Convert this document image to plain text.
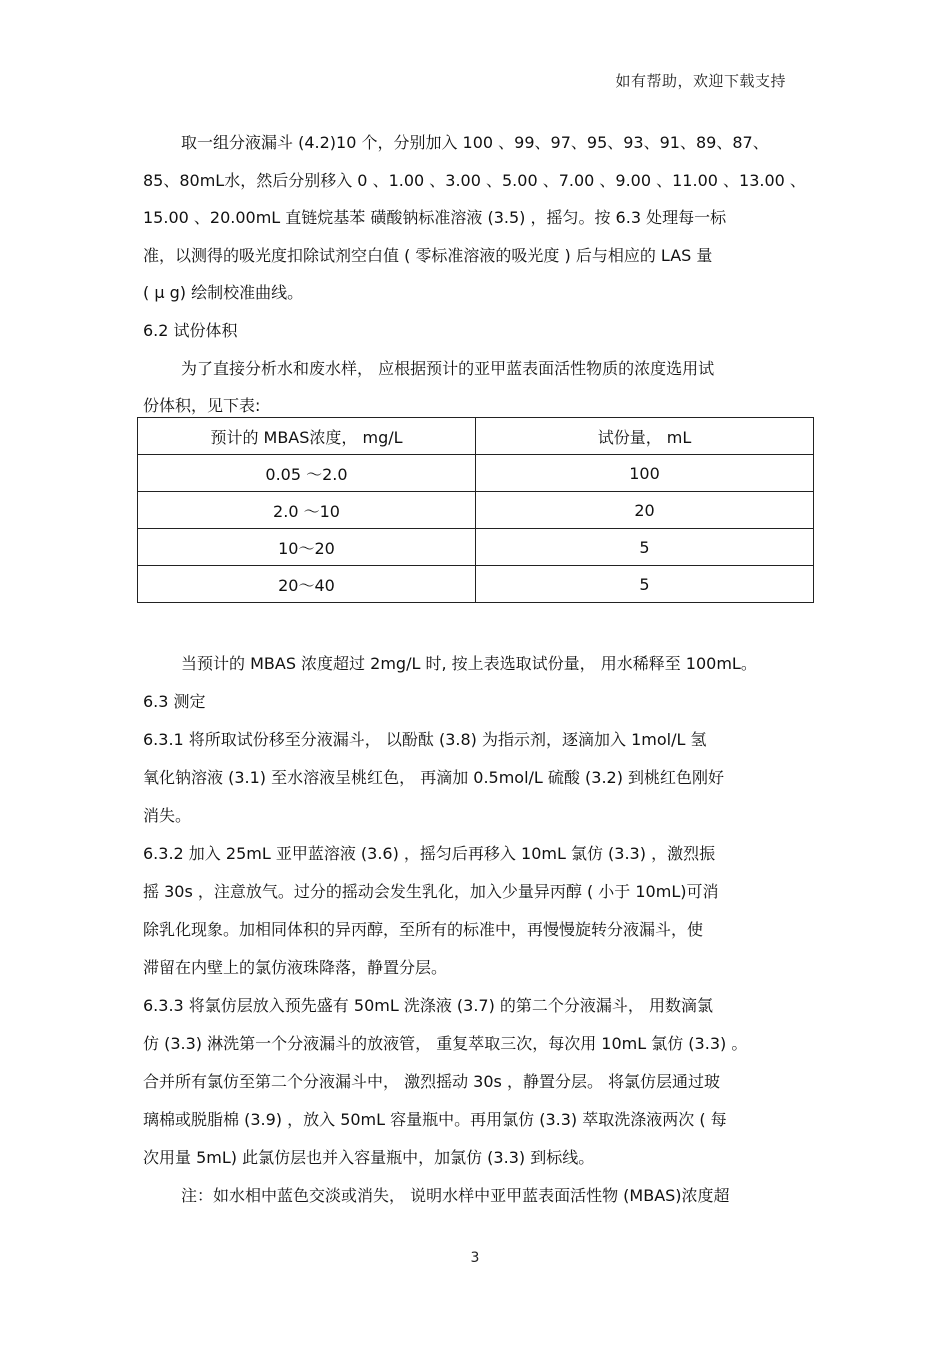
如有帮助，欢迎下载支持

取一组分液漏斗 (4.2)10 个，分别加入 100 、99、97、95、93、91、89、87、

85、80mL水，然后分别移入 0 、1.00 、3.00 、5.00 、7.00 、9.00 、11.00 、13.00 、

15.00 、20.00mL 直链烷基苯 磺酸钠标准溶液 (3.5) ，摇匀。按 6.3 处理每一标

准，以测得的吸光度扣除试剂空白值 ( 零标准溶液的吸光度 ) 后与相应的 LAS 量

( μ g) 绘制校准曲线。

6.2 试份体积

为了直接分析水和废水样， 应根据预计的亚甲蓝表面活性物质的浓度选用试

份体积，见下表:

预计的 MBAS浓度， mg/L	试份量， mL
0.05 ～2.0	100
2.0 ～10	20
10～20	5
20～40	5

当预计的 MBAS 浓度超过 2mg/L 时, 按上表选取试份量， 用水稀释至 100mL。

6.3 测定

6.3.1 将所取试份移至分液漏斗， 以酚酞 (3.8) 为指示剂，逐滴加入 1mol/L 氢

氧化钠溶液 (3.1) 至水溶液呈桃红色， 再滴加 0.5mol/L 硫酸 (3.2) 到桃红色刚好

消失。

6.3.2 加入 25mL 亚甲蓝溶液 (3.6) ，摇匀后再移入 10mL 氯仿 (3.3) ，激烈振

摇 30s ，注意放气。过分的摇动会发生乳化，加入少量异丙醇 ( 小于 10mL)可消

除乳化现象。加相同体积的异丙醇，至所有的标准中，再慢慢旋转分液漏斗，使

滞留在内壁上的氯仿液珠降落，静置分层。

6.3.3 将氯仿层放入预先盛有 50mL 洗涤液 (3.7) 的第二个分液漏斗， 用数滴氯

仿 (3.3) 淋洗第一个分液漏斗的放液管， 重复萃取三次，每次用 10mL 氯仿 (3.3) 。

合并所有氯仿至第二个分液漏斗中， 激烈摇动 30s ，静置分层。 将氯仿层通过玻

璃棉或脱脂棉 (3.9) ，放入 50mL 容量瓶中。再用氯仿 (3.3) 萃取洗涤液两次 ( 每

次用量 5mL) 此氯仿层也并入容量瓶中，加氯仿 (3.3) 到标线。

注：如水相中蓝色交淡或消失， 说明水样中亚甲蓝表面活性物 (MBAS)浓度超

3
